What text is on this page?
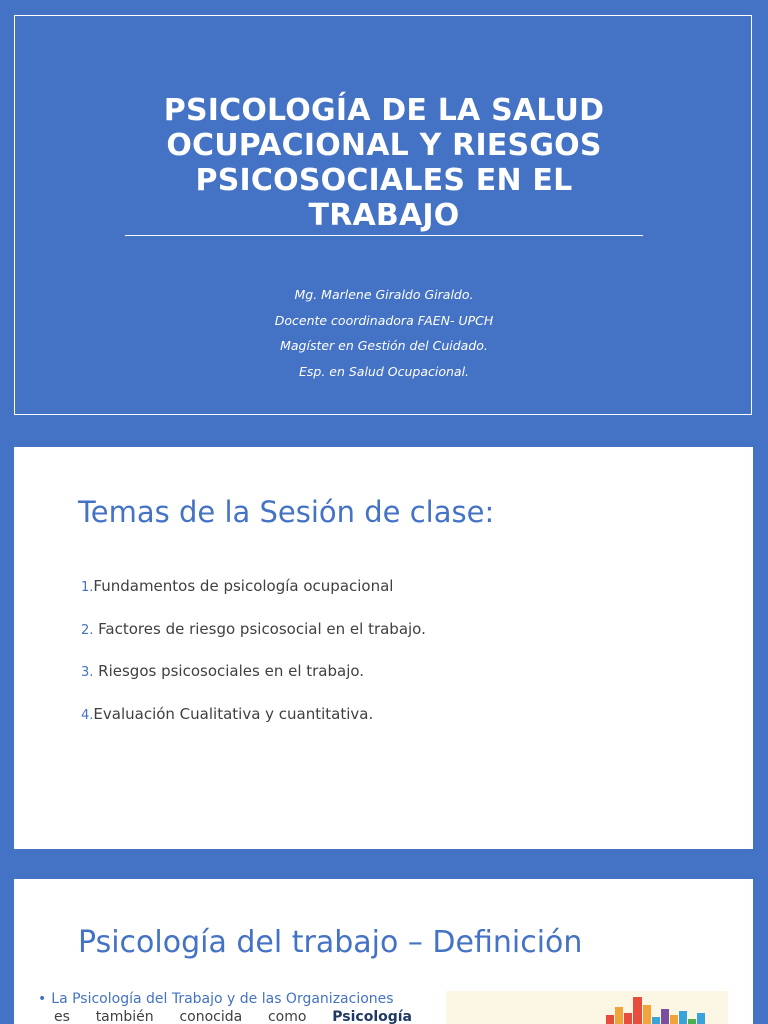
PSICOLOGÍA DE LA SALUD
OCUPACIONAL Y RIESGOS
PSICOSOCIALES EN EL
TRABAJO
Mg. Marlene Giraldo Giraldo.
Docente coordinadora FAEN- UPCH
Magíster en Gestión del Cuidado.
Esp. en Salud Ocupacional.
Temas de la Sesión de clase:
1.Fundamentos de psicología ocupacional
2. Factores de riesgo psicosocial en el trabajo.
3. Riesgos psicosociales en el trabajo.
4.Evaluación Cualitativa y cuantitativa.
Psicología del trabajo – Definición
• La Psicología del Trabajo y de las Organizaciones
es también conocida como Psicología
